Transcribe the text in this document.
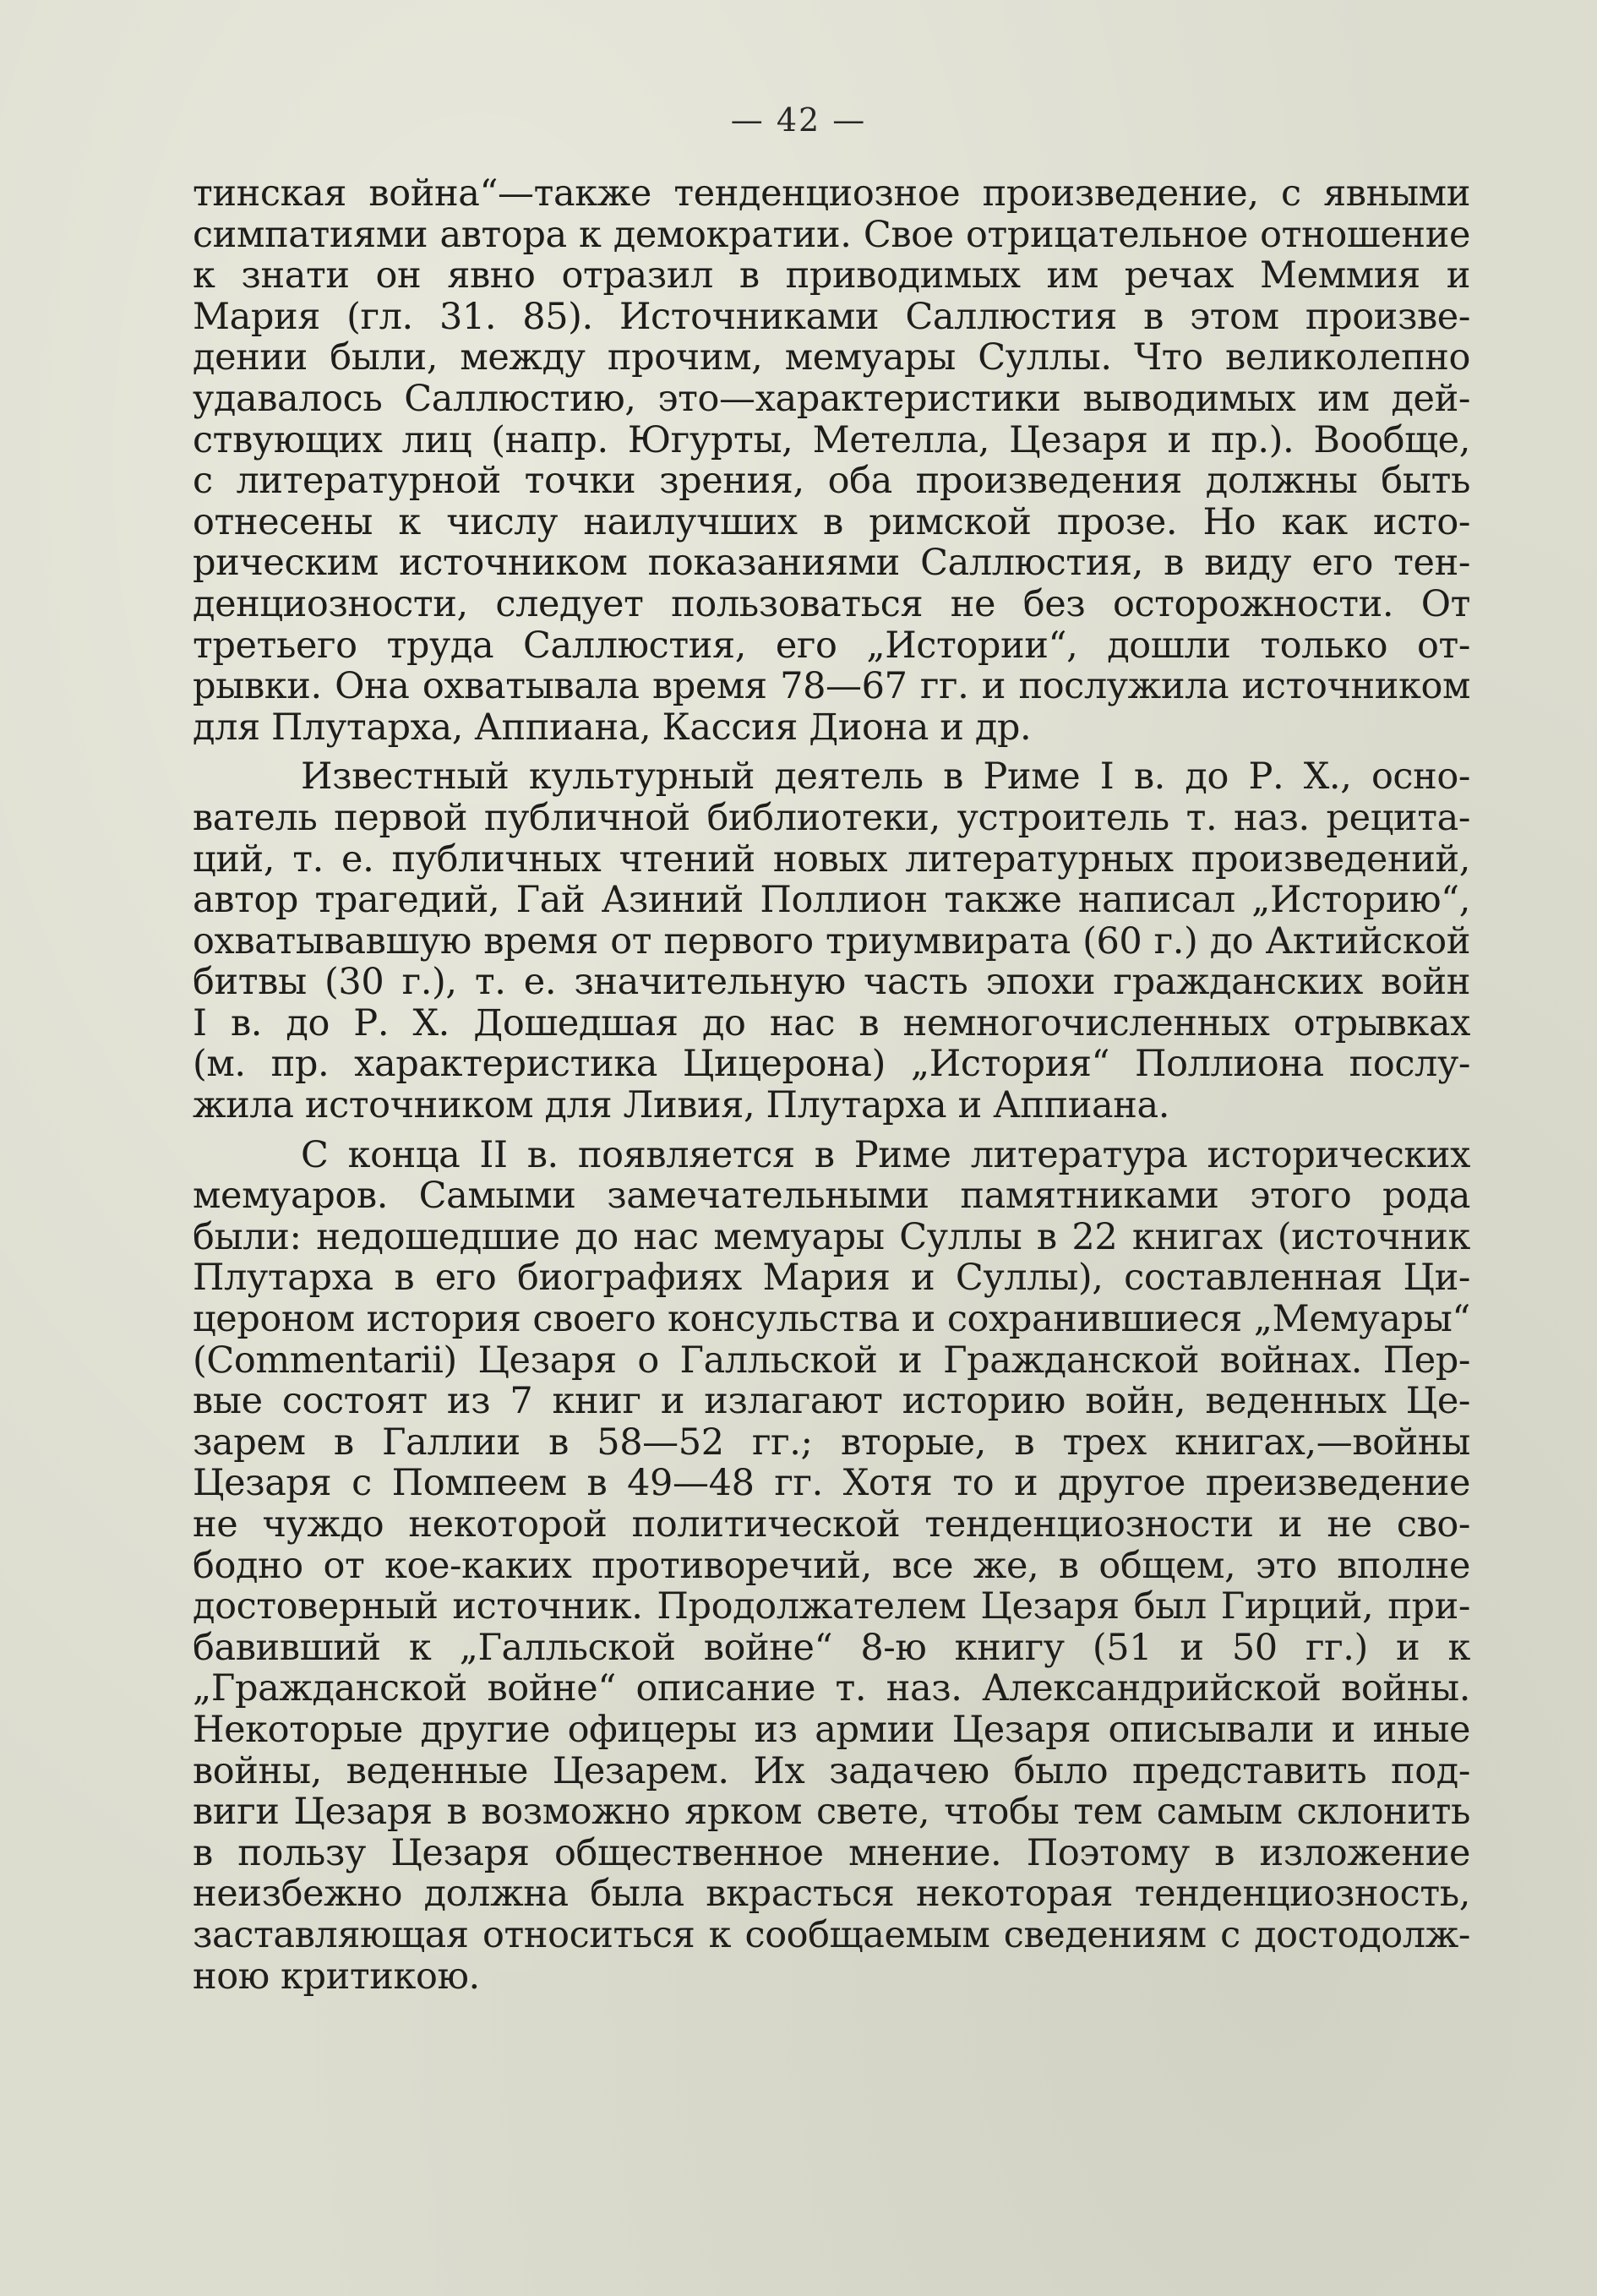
— 42 —
тинская война“—также тенденциозное произведение, с явными
симпатиями автора к демократии. Свое отрицательное отношение
к знати он явно отразил в приводимых им речах Меммия и
Мария (гл. 31. 85). Источниками Саллюстия в этом произве-
дении были, между прочим, мемуары Суллы. Что великолепно
удавалось Саллюстию, это—характеристики выводимых им дей-
ствующих лиц (напр. Югурты, Метелла, Цезаря и пр.). Вообще,
с литературной точки зрения, оба произведения должны быть
отнесены к числу наилучших в римской прозе. Но как исто-
рическим источником показаниями Саллюстия, в виду его тен-
денциозности, следует пользоваться не без осторожности. От
третьего труда Саллюстия, его „Истории“, дошли только от-
рывки. Она охватывала время 78—67 гг. и послужила источником
для Плутарха, Аппиана, Кассия Диона и др.
Известный культурный деятель в Риме I в. до Р. Х., осно-
ватель первой публичной библиотеки, устроитель т. наз. рецита-
ций, т. е. публичных чтений новых литературных произведений,
автор трагедий, Гай Азиний Поллион также написал „Историю“,
охватывавшую время от первого триумвирата (60 г.) до Актийской
битвы (30 г.), т. е. значительную часть эпохи гражданских войн
I в. до Р. Х. Дошедшая до нас в немногочисленных отрывках
(м. пр. характеристика Цицерона) „История“ Поллиона послу-
жила источником для Ливия, Плутарха и Аппиана.
С конца II в. появляется в Риме литература исторических
мемуаров. Самыми замечательными памятниками этого рода
были: недошедшие до нас мемуары Суллы в 22 книгах (источник
Плутарха в его биографиях Мария и Суллы), составленная Ци-
цероном история своего консульства и сохранившиеся „Мемуары“
(Commentarii) Цезаря о Галльской и Гражданской войнах. Пер-
вые состоят из 7 книг и излагают историю войн, веденных Це-
зарем в Галлии в 58—52 гг.; вторые, в трех книгах,—войны
Цезаря с Помпеем в 49—48 гг. Хотя то и другое преизведение
не чуждо некоторой политической тенденциозности и не сво-
бодно от кое-каких противоречий, все же, в общем, это вполне
достоверный источник. Продолжателем Цезаря был Гирций, при-
бавивший к „Галльской войне“ 8-ю книгу (51 и 50 гг.) и к
„Гражданской войне“ описание т. наз. Александрийской войны.
Некоторые другие офицеры из армии Цезаря описывали и иные
войны, веденные Цезарем. Их задачею было представить под-
виги Цезаря в возможно ярком свете, чтобы тем самым склонить
в пользу Цезаря общественное мнение. Поэтому в изложение
неизбежно должна была вкрасться некоторая тенденциозность,
заставляющая относиться к сообщаемым сведениям с достодолж-
ною критикою.
